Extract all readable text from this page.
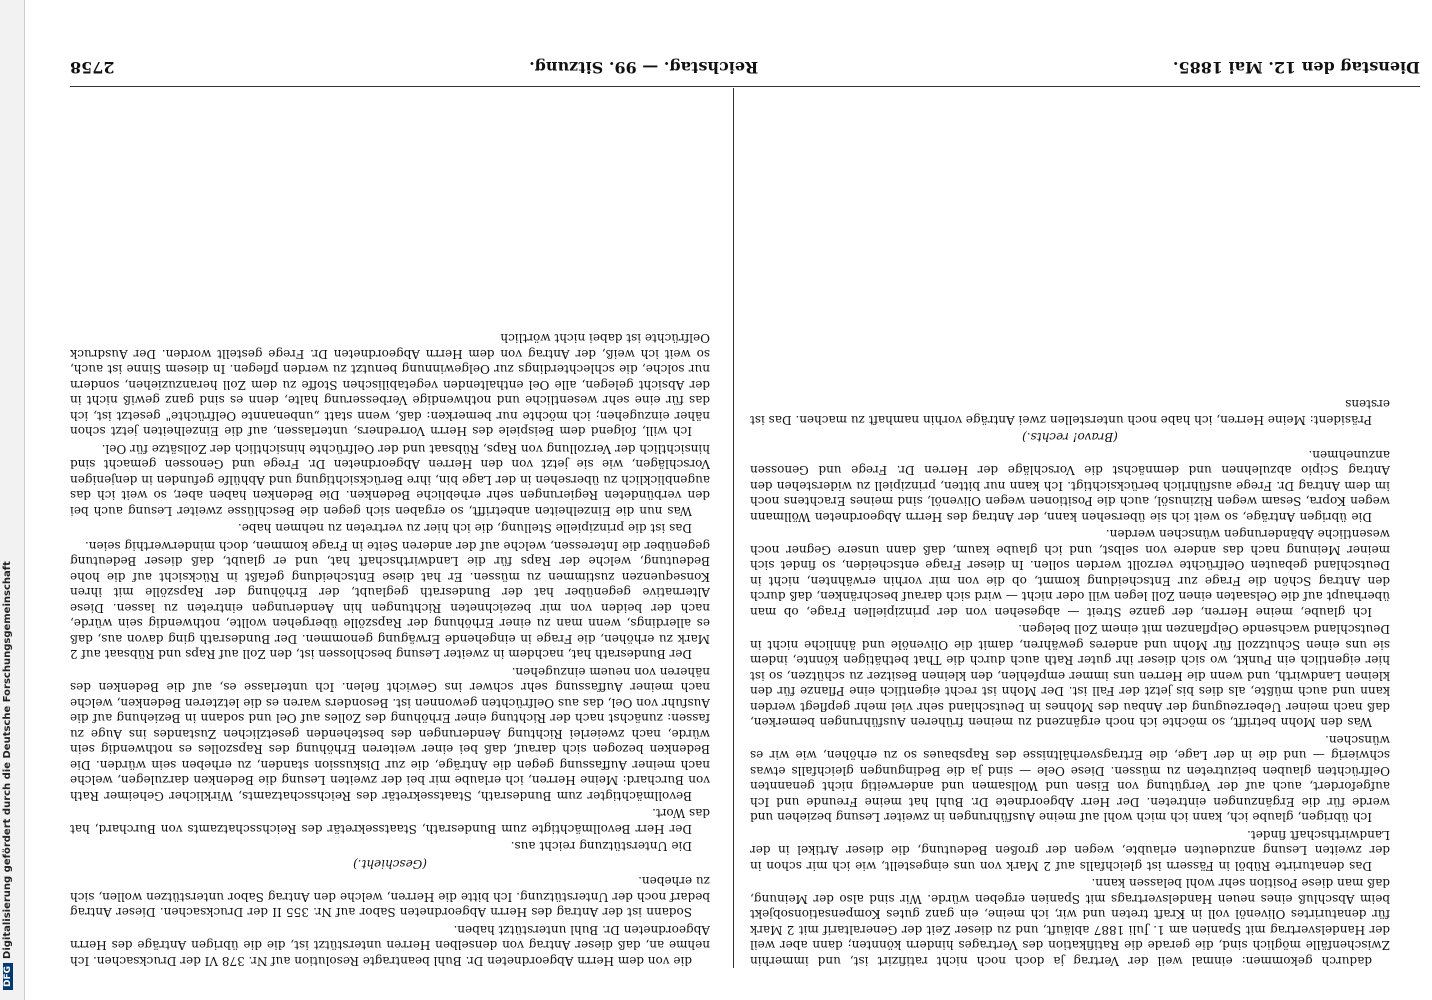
DFGDigitalisierung gefördert durch die Deutsche Forschungsgemeinschaft
Dienstag den 12. Mai 1885.
Reichstag. — 99. Sitzung.
2758

dadurch gekommen: einmal weil der Vertrag ja doch noch nicht ratifizirt ist, und immerhin Zwischenfälle möglich sind, die gerade die Ratifikation des Vertrages hindern könnten; dann aber weil der Handelsvertrag mit Spanien am 1. Juli 1887 abläuft, und zu dieser Zeit der Generaltarif mit 2 Mark für denaturirtes Olivenöl voll in Kraft treten und wir, ich meine, ein ganz gutes Kompensationsobjekt beim Abschluß eines neuen Handelsvertrags mit Spanien ergeben würde. Wir sind also der Meinung, daß man diese Position sehr wohl belassen kann.

Das denaturirte Rüböl in Fässern ist gleichfalls auf 2 Mark von uns eingestellt, wie ich mir schon in der zweiten Lesung anzudeuten erlaubte, wegen der großen Bedeutung, die dieser Artikel in der Landwirthschaft findet.

Ich übrigen, glaube ich, kann ich mich wohl auf meine Ausführungen in zweiter Lesung beziehen und werde für die Ergänzungen eintreten. Der Herr Abgeordnete Dr. Buhl hat meine Freunde und Ich aufgefordert, auch auf der Vergütung von Eisen und Wollsamen und anderweitig nicht genannten Oelfrüchten glauben beizutreten zu müssen. Diese Oele — sind ja die Bedingungen gleichfalls etwas schwierig — und die in der Lage, die Ertragsverhältnisse des Rapsbaues so zu erhöhen, wie wir es wünschen.

Was den Mohn betrifft, so möchte ich noch ergänzend zu meinen früheren Ausführungen bemerken, daß nach meiner Ueberzeugung der Anbau des Mohnes in Deutschland sehr viel mehr gepflegt werden kann und auch müßte, als dies bis jetzt der Fall ist. Der Mohn ist recht eigentlich eine Pflanze für den kleinen Landwirth, und wenn die Herren uns immer empfehlen, den kleinen Besitzer zu schützen, so ist hier eigentlich ein Punkt, wo sich dieser ihr guter Rath auch durch die That bethätigen könnte, indem sie uns einen Schutzzoll für Mohn und anderes gewähren, damit die Olivenöle und ähnliche nicht in Deutschland wachsende Oelpflanzen mit einem Zoll belegen.

Ich glaube, meine Herren, der ganze Streit — abgesehen von der prinzipiellen Frage, ob man überhaupt auf die Oelsaaten einen Zoll legen will oder nicht — wird sich darauf beschränken, daß durch den Antrag Schön die Frage zur Entscheidung kommt, ob die von mir vorhin erwähnten, nicht in Deutschland gebauten Oelfrüchte verzollt werden sollen. In dieser Frage entscheiden, so findet sich meiner Meinung nach das andere von selbst, und ich glaube kaum, daß dann unsere Gegner noch wesentliche Abänderungen wünschen werden.

Die übrigen Anträge, so weit ich sie übersehen kann, der Antrag des Herrn Abgeordneten Wöllmann wegen Kopra, Sesam wegen Rizinusöl, auch die Positionen wegen Olivenöl, sind meines Erachtens noch im dem Antrag Dr. Frege ausführlich berücksichtigt. Ich kann nur bitten, prinzipiell zu widerstehen den Antrag Scipio abzulehnen und demnächst die Vorschläge der Herren Dr. Frege und Genossen anzunehmen.

(Bravo! rechts.)

Präsident: Meine Herren, ich habe noch unterstellen zwei Anträge vorhin namhaft zu machen. Das ist erstens

die von dem Herrn Abgeordneten Dr. Buhl beantragte Resolution auf Nr. 378 VI der Drucksachen. Ich nehme an, daß dieser Antrag von denselben Herren unterstützt ist, die die übrigen Anträge des Herrn Abgeordneten Dr. Buhl unterstützt haben.

Sodann ist der Antrag des Herrn Abgeordneten Sabor auf Nr. 355 II der Drucksachen. Dieser Antrag bedarf noch der Unterstützung. Ich bitte die Herren, welche den Antrag Sabor unterstützen wollen, sich zu erheben.

(Geschieht.)

Die Unterstützung reicht aus.

Der Herr Bevollmächtigte zum Bundesrath, Staatssekretär des Reichsschatzamts von Burchard, hat das Wort.

Bevollmächtigter zum Bundesrath, Staatssekretär des Reichsschatzamts, Wirklicher Geheimer Rath von Burchard: Meine Herren, ich erlaube mir bei der zweiten Lesung die Bedenken darzulegen, welche nach meiner Auffassung gegen die Anträge, die zur Diskussion standen, zu erheben sein würden. Die Bedenken bezogen sich darauf, daß bei einer weiteren Erhöhung des Rapszolles es nothwendig sein würde, nach zweierlei Richtung Aenderungen des bestehenden gesetzlichen Zustandes ins Auge zu fassen: zunächst nach der Richtung einer Erhöhung des Zolles auf Oel und sodann in Beziehung auf die Ausfuhr von Oel, das aus Oelfrüchten gewonnen ist. Besonders waren es die letzteren Bedenken, welche nach meiner Auffassung sehr schwer ins Gewicht fielen. Ich unterlasse es, auf die Bedenken des näheren von neuem einzugehen.

Der Bundesrath hat, nachdem in zweiter Lesung beschlossen ist, den Zoll auf Raps und Rübsaat auf 2 Mark zu erhöhen, die Frage in eingehende Erwägung genommen. Der Bundesrath ging davon aus, daß es allerdings, wenn man zu einer Erhöhung der Rapszölle übergehen wollte, nothwendig sein würde, nach der beiden von mir bezeichneten Richtungen hin Aenderungen eintreten zu lassen. Diese Alternative gegenüber hat der Bundesrath geglaubt, der Erhöhung der Rapszölle mit ihren Konsequenzen zustimmen zu müssen. Er hat diese Entscheidung gefaßt in Rücksicht auf die hohe Bedeutung, welche der Raps für die Landwirthschaft hat, und er glaubt, daß dieser Bedeutung gegenüber die Interessen, welche auf der anderen Seite in Frage kommen, doch minderwerthig seien.

Das ist die prinzipielle Stellung, die ich hier zu vertreten zu nehmen habe.

Was nun die Einzelheiten anbetrifft, so ergaben sich gegen die Beschlüsse zweiter Lesung auch bei den verbündeten Regierungen sehr erhebliche Bedenken. Die Bedenken haben aber, so weit ich das augenblicklich zu übersehen in der Lage bin, ihre Berücksichtigung und Abhülfe gefunden in denjenigen Vorschlägen, wie sie jetzt von den Herren Abgeordneten Dr. Frege und Genossen gemacht sind hinsichtlich der Verzollung von Raps, Rübsaat und der Oelfrüchte hinsichtlich der Zollsätze für Oel.

Ich will, folgend dem Beispiele des Herrn Vorredners, unterlassen, auf die Einzelheiten jetzt schon näher einzugehen; ich möchte nur bemerken: daß, wenn statt „unbenannte Oelfrüchte" gesetzt ist, ich das für eine sehr wesentliche und nothwendige Verbesserung halte, denn es sind ganz gewiß nicht in der Absicht gelegen, alle Oel enthaltenden vegetabilischen Stoffe zu dem Zoll heranzuziehen, sondern nur solche, die schlechterdings zur Oelgewinnung benutzt zu werden pflegen. In diesem Sinne ist auch, so weit ich weiß, der Antrag von dem Herrn Abgeordneten Dr. Frege gestellt worden. Der Ausdruck Oelfrüchte ist dabei nicht wörtlich
